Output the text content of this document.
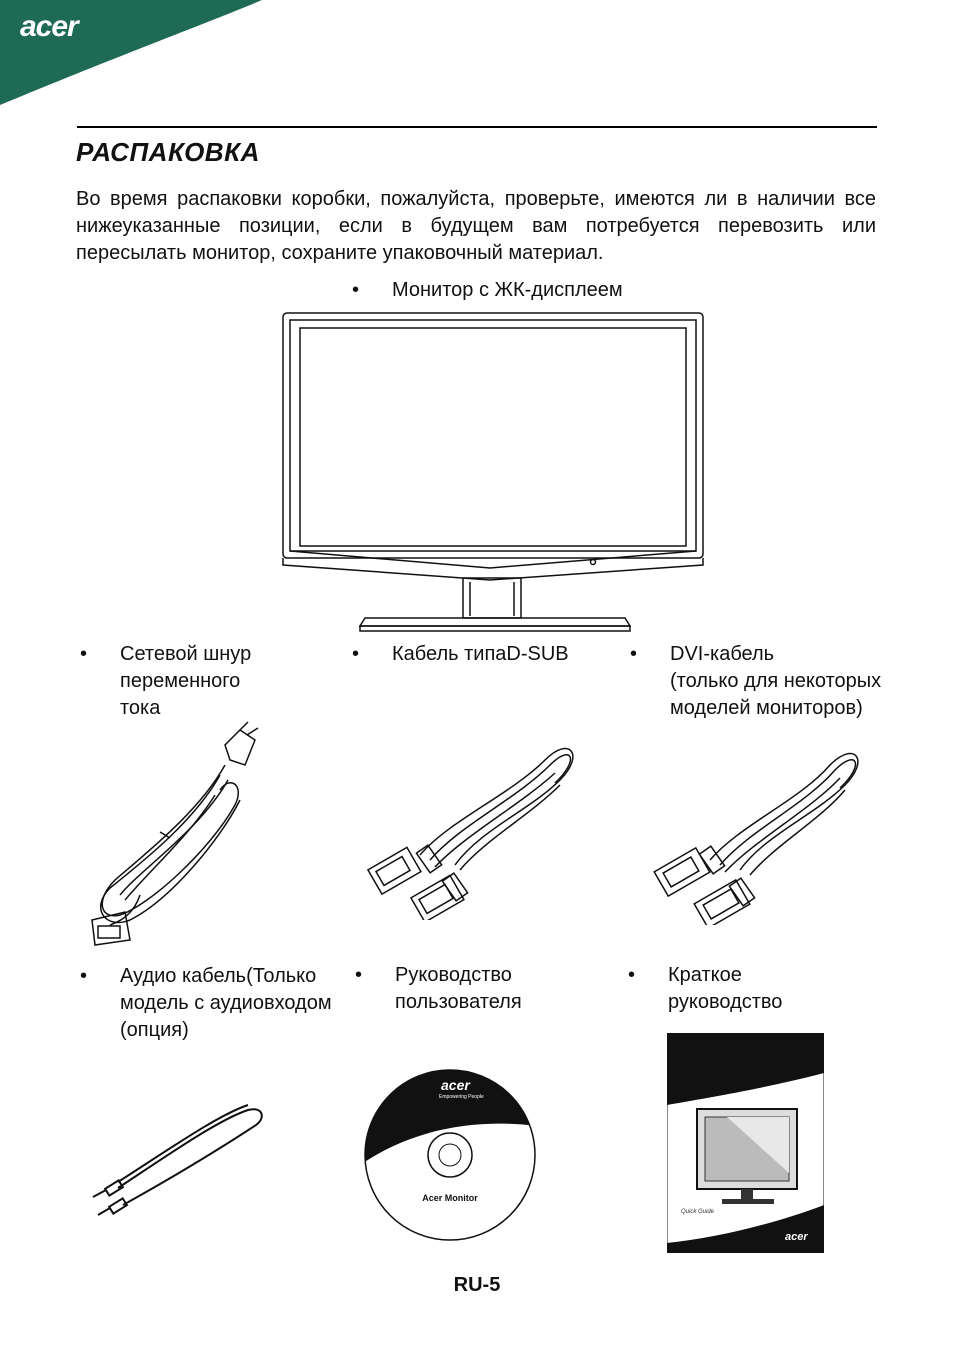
acer
РАСПАКОВКА

Во время распаковки коробки, пожалуйста, проверьте, имеются ли в наличии все нижеуказанные позиции, если в будущем вам потребуется перевозить или пересылать монитор, сохраните упаковочный материал.

• Монитор с ЖК-дисплеем
• Сетевой шнур
переменного
тока
• Кабель типаD-SUB	• DVI-кабель
(только для некоторых
моделей мониторов)
• Аудио кабель(Только
модель с аудиовходом
(опция)
• Руководство
пользователя
acer
Empowering People
Acer Monitor
• Краткое
руководство
Quick Guide
acer
RU-5
